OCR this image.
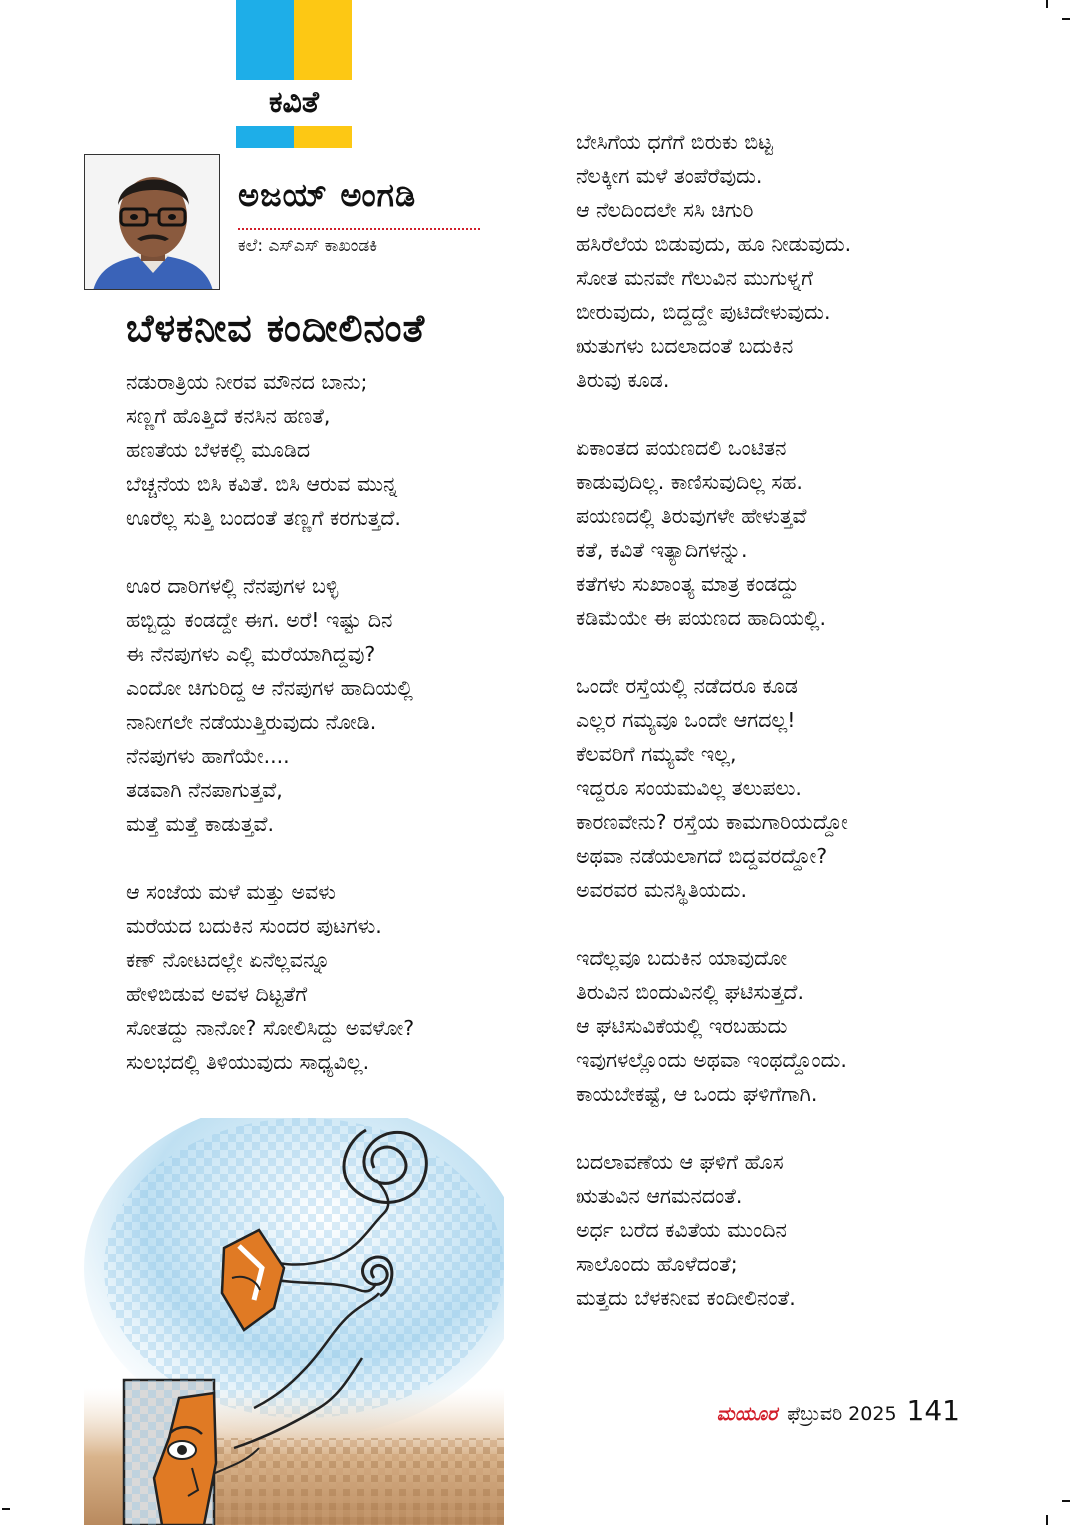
ಕವಿತೆ
ಅಜಯ್ ಅಂಗಡಿ
ಕಲೆ: ಎಸ್‌ಎಸ್ ಕಾಖಂಡಕಿ
ಬೆಳಕನೀವ ಕಂದೀಲಿನಂತೆ
ನಡುರಾತ್ರಿಯ ನೀರವ ಮೌನದ ಬಾನು;
ಸಣ್ಣಗೆ ಹೊತ್ತಿದೆ ಕನಸಿನ ಹಣತೆ,
ಹಣತೆಯ ಬೆಳಕಲ್ಲಿ ಮೂಡಿದ
ಬೆಚ್ಚನೆಯ ಬಿಸಿ ಕವಿತೆ. ಬಿಸಿ ಆರುವ ಮುನ್ನ
ಊರೆಲ್ಲ ಸುತ್ತಿ ಬಂದಂತೆ ತಣ್ಣಗೆ ಕರಗುತ್ತದೆ.
ಊರ ದಾರಿಗಳಲ್ಲಿ ನೆನಪುಗಳ ಬಳ್ಳಿ
ಹಬ್ಬಿದ್ದು ಕಂಡದ್ದೇ ಈಗ. ಅರೆ! ಇಷ್ಟು ದಿನ
ಈ ನೆನಪುಗಳು ಎಲ್ಲಿ ಮರೆಯಾಗಿದ್ದವು?
ಎಂದೋ ಚಿಗುರಿದ್ದ ಆ ನೆನಪುಗಳ ಹಾದಿಯಲ್ಲಿ
ನಾನೀಗಲೇ ನಡೆಯುತ್ತಿರುವುದು ನೋಡಿ.
ನೆನಪುಗಳು ಹಾಗೆಯೇ....
ತಡವಾಗಿ ನೆನಪಾಗುತ್ತವೆ,
ಮತ್ತೆ ಮತ್ತೆ ಕಾಡುತ್ತವೆ.
ಆ ಸಂಜೆಯ ಮಳೆ ಮತ್ತು ಅವಳು
ಮರೆಯದ ಬದುಕಿನ ಸುಂದರ ಪುಟಗಳು.
ಕಣ್ ನೋಟದಲ್ಲೇ ಏನೆಲ್ಲವನ್ನೂ
ಹೇಳಿಬಿಡುವ ಅವಳ ದಿಟ್ಟತೆಗೆ
ಸೋತದ್ದು ನಾನೋ? ಸೋಲಿಸಿದ್ದು ಅವಳೋ?
ಸುಲಭದಲ್ಲಿ ತಿಳಿಯುವುದು ಸಾಧ್ಯವಿಲ್ಲ.
ಬೇಸಿಗೆಯ ಧಗೆಗೆ ಬಿರುಕು ಬಿಟ್ಟ
ನೆಲಕ್ಕೀಗ ಮಳೆ ತಂಪೆರೆವುದು.
ಆ ನೆಲದಿಂದಲೇ ಸಸಿ ಚಿಗುರಿ
ಹಸಿರೆಲೆಯ ಬಿಡುವುದು, ಹೂ ನೀಡುವುದು.
ಸೋತ ಮನವೇ ಗೆಲುವಿನ ಮುಗುಳ್ನಗೆ
ಬೀರುವುದು, ಬಿದ್ದದ್ದೇ ಪುಟಿದೇಳುವುದು.
ಋತುಗಳು ಬದಲಾದಂತೆ ಬದುಕಿನ
ತಿರುವು ಕೂಡ.
ಏಕಾಂತದ ಪಯಣದಲಿ ಒಂಟಿತನ
ಕಾಡುವುದಿಲ್ಲ. ಕಾಣಿಸುವುದಿಲ್ಲ ಸಹ.
ಪಯಣದಲ್ಲಿ ತಿರುವುಗಳೇ ಹೇಳುತ್ತವೆ
ಕತೆ, ಕವಿತೆ ಇತ್ಯಾದಿಗಳನ್ನು.
ಕತೆಗಳು ಸುಖಾಂತ್ಯ ಮಾತ್ರ ಕಂಡದ್ದು
ಕಡಿಮೆಯೇ ಈ ಪಯಣದ ಹಾದಿಯಲ್ಲಿ.
ಒಂದೇ ರಸ್ತೆಯಲ್ಲಿ ನಡೆದರೂ ಕೂಡ
ಎಲ್ಲರ ಗಮ್ಯವೂ ಒಂದೇ ಆಗದಲ್ಲ!
ಕೆಲವರಿಗೆ ಗಮ್ಯವೇ ಇಲ್ಲ,
ಇದ್ದರೂ ಸಂಯಮವಿಲ್ಲ ತಲುಪಲು.
ಕಾರಣವೇನು? ರಸ್ತೆಯ ಕಾಮಗಾರಿಯದ್ದೋ
ಅಥವಾ ನಡೆಯಲಾಗದೆ ಬಿದ್ದವರದ್ದೋ?
ಅವರವರ ಮನಸ್ಥಿತಿಯದು.
ಇದೆಲ್ಲವೂ ಬದುಕಿನ ಯಾವುದೋ
ತಿರುವಿನ ಬಿಂದುವಿನಲ್ಲಿ ಘಟಿಸುತ್ತದೆ.
ಆ ಘಟಿಸುವಿಕೆಯಲ್ಲಿ ಇರಬಹುದು
ಇವುಗಳಲ್ಲೊಂದು ಅಥವಾ ಇಂಥದ್ದೊಂದು.
ಕಾಯಬೇಕಷ್ಟೆ, ಆ ಒಂದು ಘಳಿಗೆಗಾಗಿ.
ಬದಲಾವಣೆಯ ಆ ಘಳಿಗೆ ಹೊಸ
ಋತುವಿನ ಆಗಮನದಂತೆ.
ಅರ್ಧ ಬರೆದ ಕವಿತೆಯ ಮುಂದಿನ
ಸಾಲೊಂದು ಹೊಳೆದಂತೆ;
ಮತ್ತದು ಬೆಳಕನೀವ ಕಂದೀಲಿನಂತೆ.
ಮಯೂರ ಫೆಬ್ರುವರಿ 2025 141
